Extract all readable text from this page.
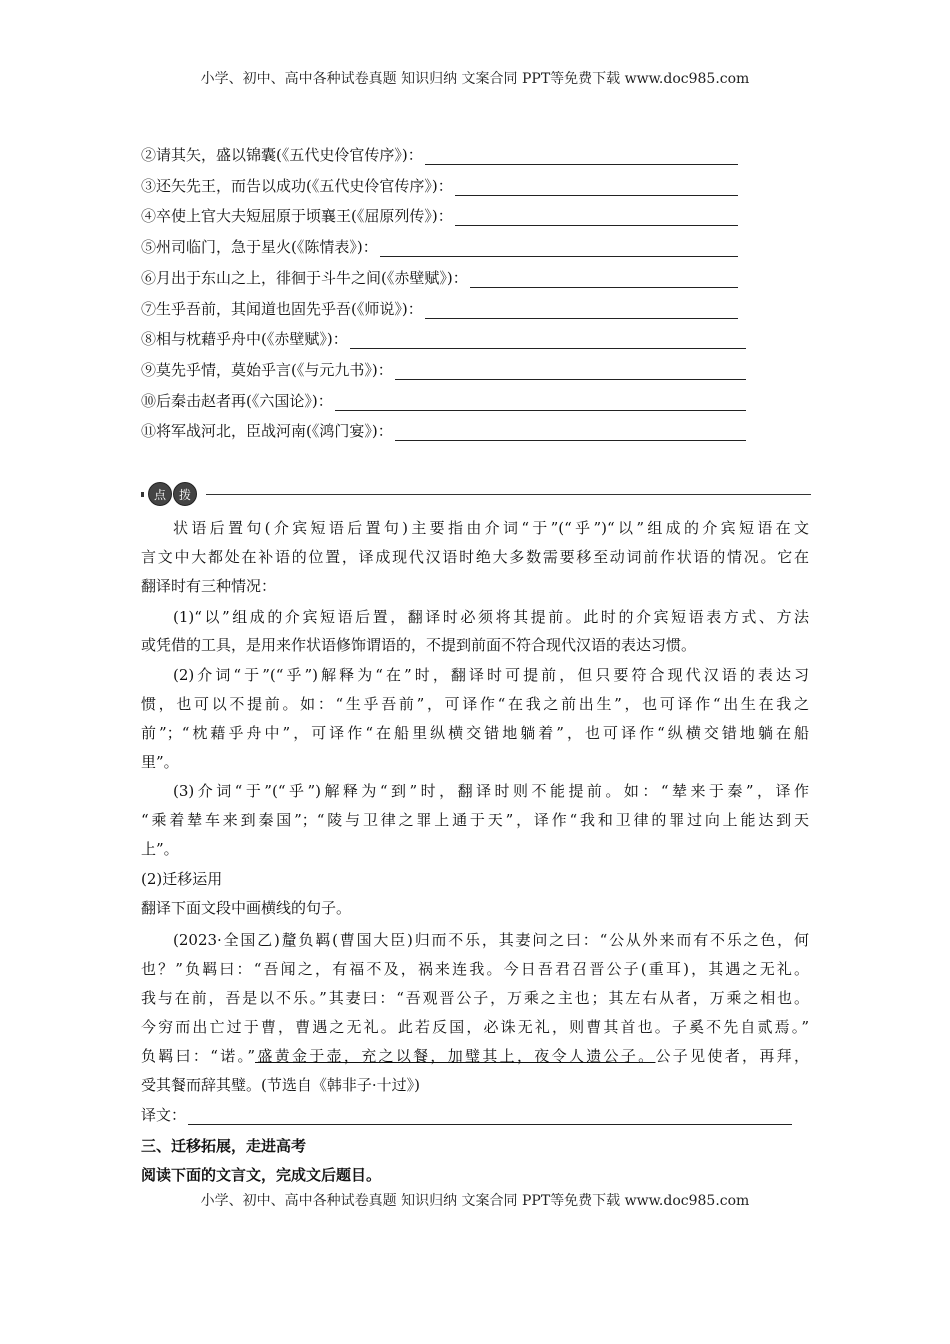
小学、初中、高中各种试卷真题 知识归纳 文案合同 PPT等免费下载 www.doc985.com
②请其矢，盛以锦囊(《五代史伶官传序》)：
③还矢先王，而告以成功(《五代史伶官传序》)：
④卒使上官大夫短屈原于顷襄王(《屈原列传》)：
⑤州司临门，急于星火(《陈情表》)：
⑥月出于东山之上，徘徊于斗牛之间(《赤壁赋》)：
⑦生乎吾前，其闻道也固先乎吾(《师说》)：
⑧相与枕藉乎舟中(《赤壁赋》)：
⑨莫先乎情，莫始乎言(《与元九书》)：
⑩后秦击赵者再(《六国论》)：
⑪将军战河北，臣战河南(《鸿门宴》)：
点	拨
状语后置句(介宾短语后置句)主要指由介词“于”(“乎”)“以”组成的介宾短语在文
言文中大都处在补语的位置，译成现代汉语时绝大多数需要移至动词前作状语的情况。它在
翻译时有三种情况：
(1)“以”组成的介宾短语后置，翻译时必须将其提前。此时的介宾短语表方式、方法
或凭借的工具，是用来作状语修饰谓语的，不提到前面不符合现代汉语的表达习惯。
(2)介词“于”(“乎”)解释为“在”时，翻译时可提前，但只要符合现代汉语的表达习
惯，也可以不提前。如：“生乎吾前”，可译作“在我之前出生”，也可译作“出生在我之
前”；“枕藉乎舟中”，可译作“在船里纵横交错地躺着”，也可译作“纵横交错地躺在船
里”。
(3)介词“于”(“乎”)解释为“到”时，翻译时则不能提前。如：“辇来于秦”，译作
“乘着辇车来到秦国”；“陵与卫律之罪上通于天”，译作“我和卫律的罪过向上能达到天
上”。
(2)迁移运用
翻译下面文段中画横线的句子。
(2023·全国乙)釐负羁(曹国大臣)归而不乐，其妻问之曰：“公从外来而有不乐之色，何
也？”负羁曰：“吾闻之，有福不及，祸来连我。今日吾君召晋公子(重耳)，其遇之无礼。
我与在前，吾是以不乐。”其妻曰：“吾观晋公子，万乘之主也；其左右从者，万乘之相也。
今穷而出亡过于曹，曹遇之无礼。此若反国，必诛无礼，则曹其首也。子奚不先自贰焉。”
负羁曰：“诺。”盛黄金于壶，充之以餐，加璧其上，夜令人遗公子。公子见使者，再拜，
受其餐而辞其璧。(节选自《韩非子·十过》)
译文：
三、迁移拓展，走进高考
阅读下面的文言文，完成文后题目。
小学、初中、高中各种试卷真题 知识归纳 文案合同 PPT等免费下载 www.doc985.com
